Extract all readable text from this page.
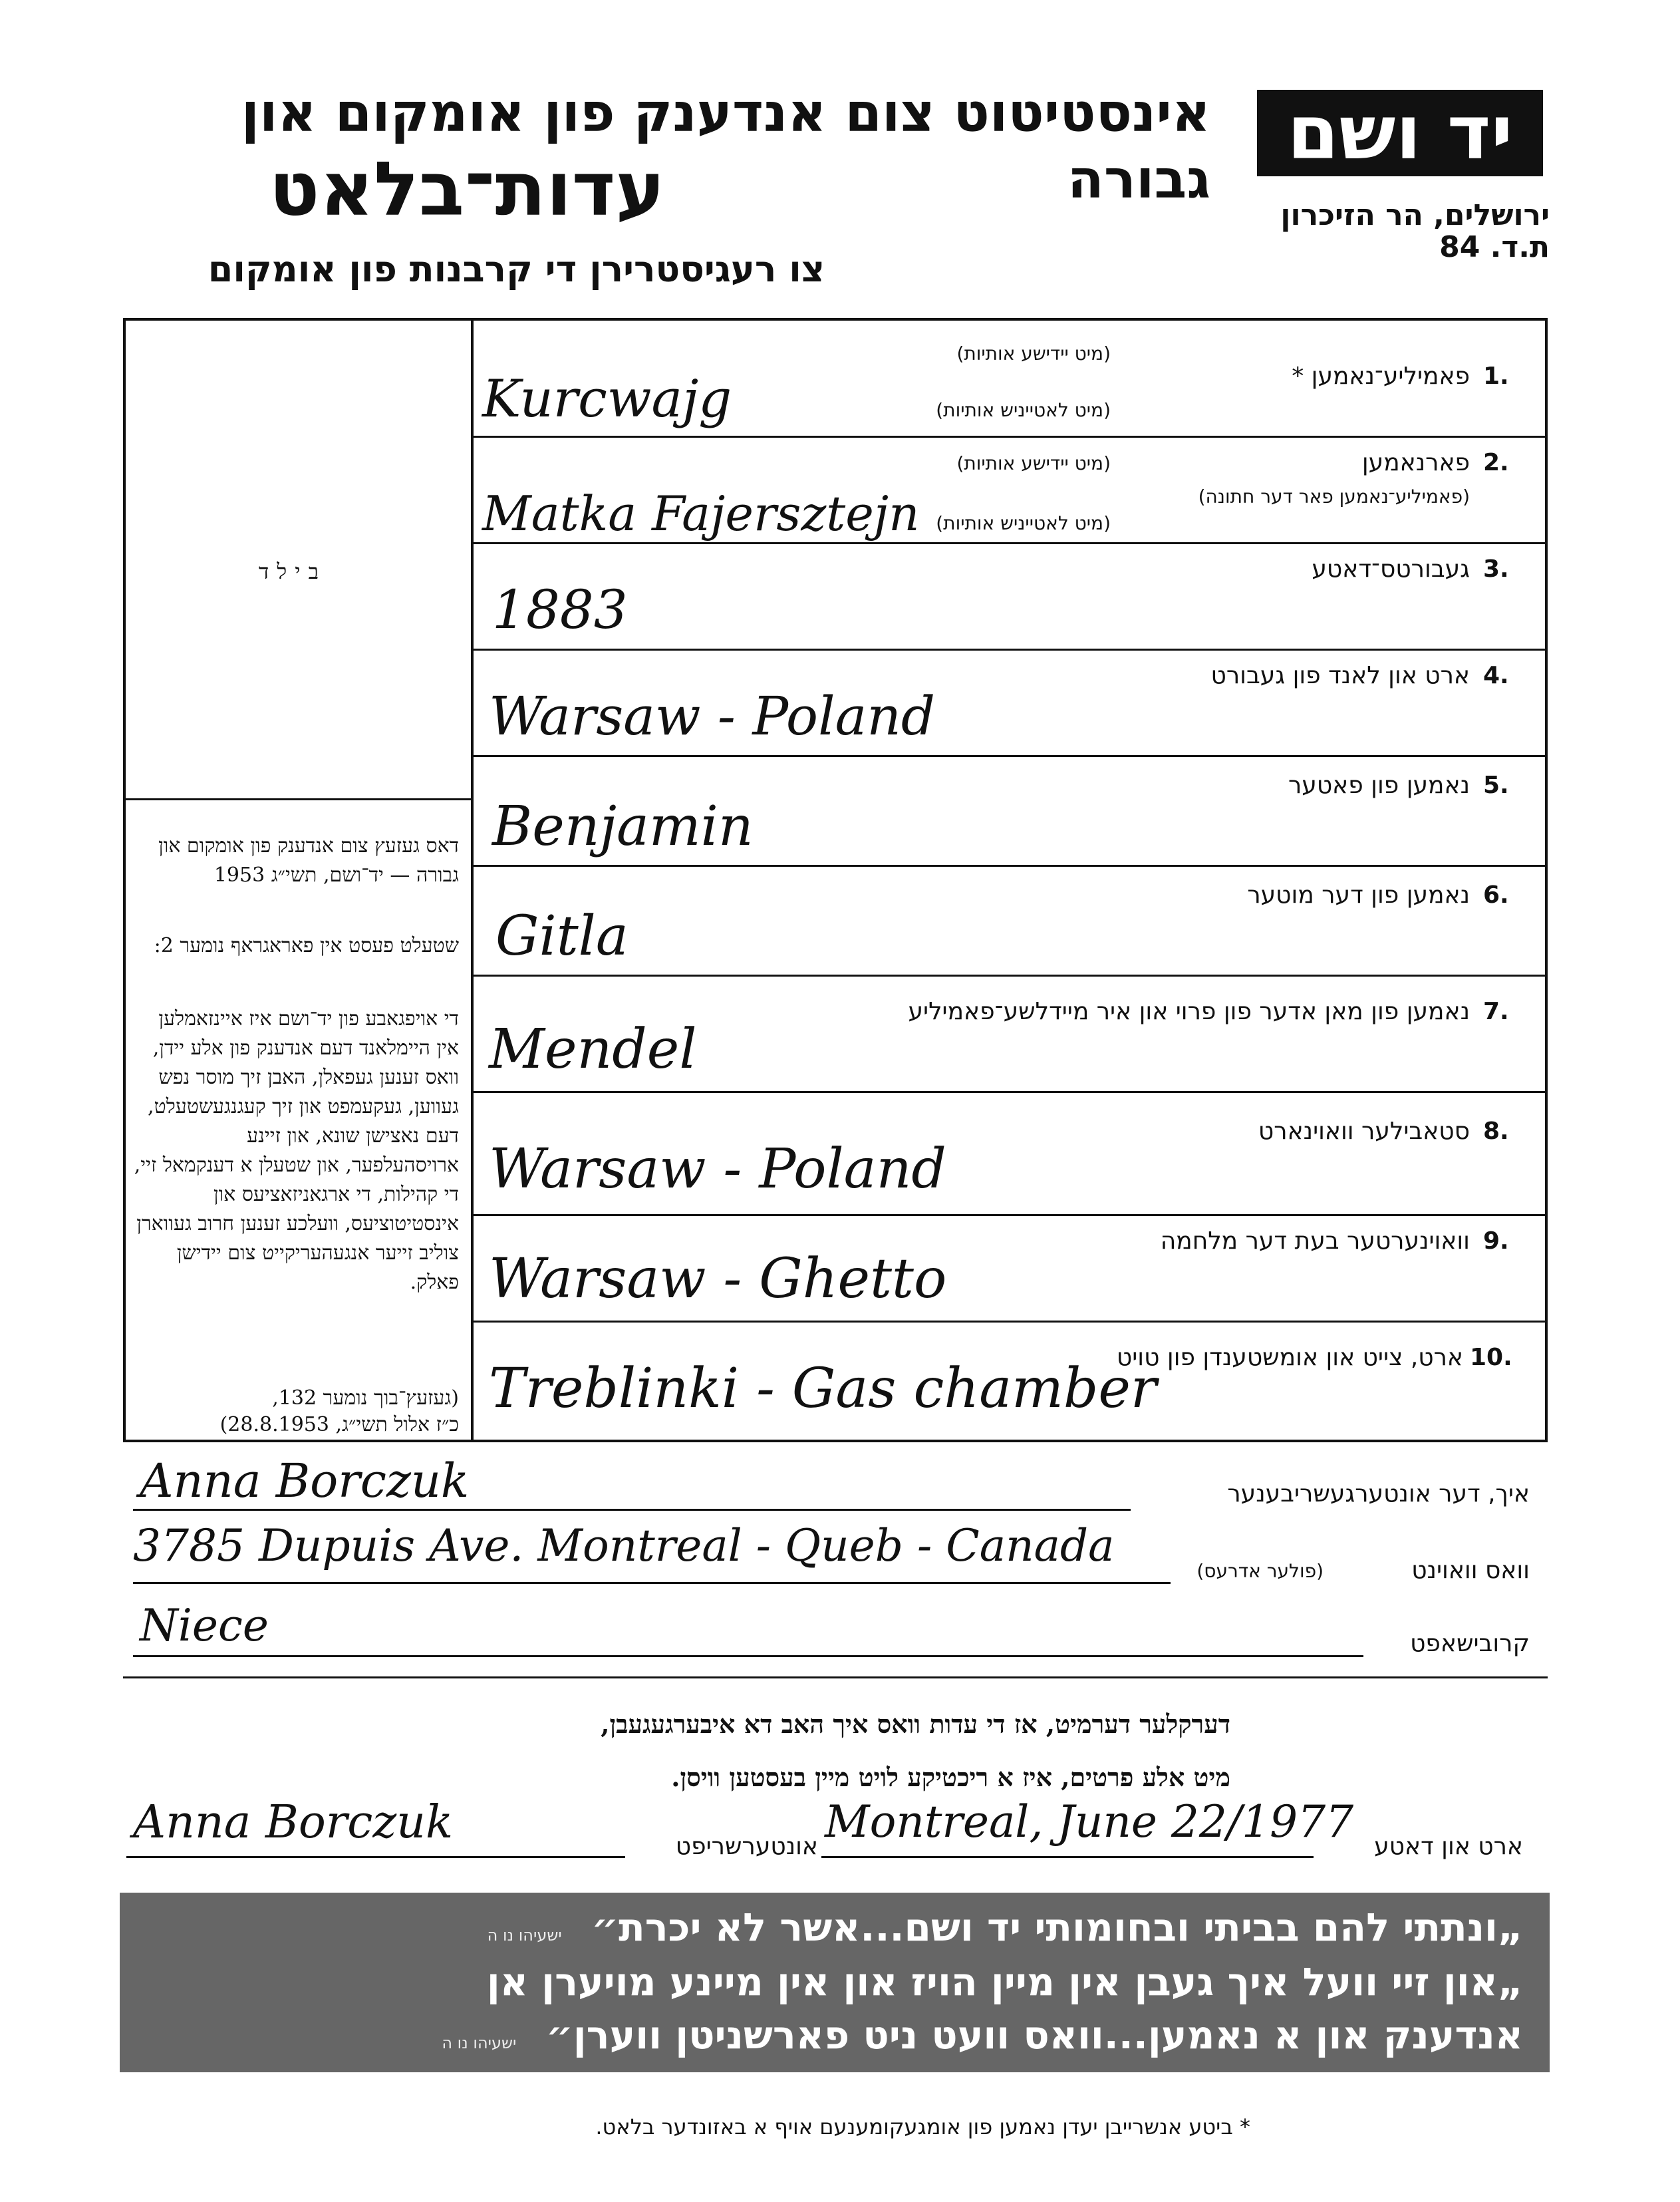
יד ושם
ירושלים, הר הזיכרון
ת.ד. 84
אינסטיטוט צום אנדענק פון אומקום און גבורה
עדות־בלאט
צו רעגיסטרירן די קרבנות פון אומקום
בילד
דאס געזעץ צום אנדענק פון אומקום און גבורה — יד־ושם, תשי״ג 1953
שטעלט פעסט אין פאראגראף נומער 2:
די אויפגאבע פון יד־ושם איז איינזאמלען אין היימלאנד דעם אנדענק פון אלע יידן, וואס זענען געפאלן, האבן זיך מוסר נפש געווען, געקעמפט און זיך קעגנגעשטעלט, דעם נאצישן שונא, און זיינע ארויסהעלפער, און שטעלן א דענקמאל זיי, די קהילות, די ארגאניזאציעס און אינסטיטוציעס, וועלכע זענען חרוב געווארן צוליב זייער אנגעהעריקייט צום יידישן פאלק.
(געזעץ־בוך נומער 132,
כ״ז אלול תשי״ג, 28.8.1953)
1.
פאמיליע־נאמען *
(מיט יידישע אותיות)
(מיט לאטייניש אותיות)
Kurcwajg
2.
פארנאמען
(פאמיליע־נאמען פאר דער חתונה)
(מיט יידישע אותיות)
(מיט לאטייניש אותיות)
Matka Fajersztejn
3.
געבורטס־דאטע
1883
4.
ארט און לאנד פון געבורט
Warsaw - Poland
5.
נאמען פון פאטער
Benjamin
6.
נאמען פון דער מוטער
Gitla
7.
נאמען פון מאן אדער פון פרוי און איר מיידלשע־פאמיליע
Mendel
8.
סטאבילער וואוינארט
Warsaw - Poland
9.
וואוינערטער בעת דער מלחמה
Warsaw - Ghetto
10.
ארט, צייט און אומשטענדן פון טויט
Treblinki - Gas chamber
Anna Borczuk	איך, דער אונטערגעשריבענער
3785 Dupuis Ave. Montreal - Queb - Canada	(פולער אדרעס)	וואס וואוינט
Niece	קרובישאפט
דערקלער דערמיט, אז די עדות וואס איך האב דא איבערגעגעבן,
מיט אלע פרטים, איז א ריכטיקע לויט מיין בעסטען וויסן.
Anna Borczuk	אונטערשריפט Montreal, June 22/1977 ארט און דאטע
„ונתתי להם בביתי ובחומותי יד ושם...אשר לא יכרת״ ישעיהו נו ה
„און זיי וועל איך געבן אין מיין הויז און אין מיינע מויערן אן
אנדענק און א נאמען...וואס וועט ניט פארשניטן ווערן״ ישעיהו נו ה
* ביטע אנשרייבן יעדן נאמען פון אומגעקומענעם אויף א באזונדער בלאט.
